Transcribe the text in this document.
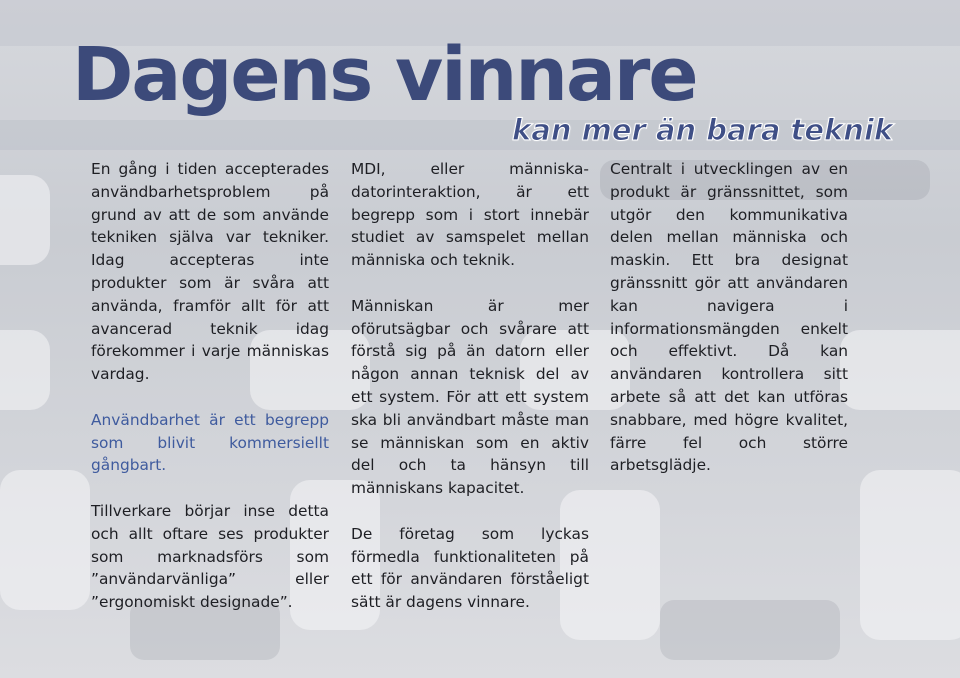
Dagens vinnare
kan mer än bara teknik

En gång i tiden accepterades användbarhetsproblem på grund av att de som använde tekniken själva var tekniker. Idag accepteras inte produkter som är svåra att använda, framför allt för att avancerad teknik idag förekommer i varje människas vardag.

Användbarhet är ett begrepp som blivit kommersiellt gångbart.

Tillverkare börjar inse detta och allt oftare ses produkter som marknadsförs som ”användarvänliga” eller ”ergonomiskt designade”.

MDI, eller människa-datorinteraktion, är ett begrepp som i stort innebär studiet av samspelet mellan människa och teknik.

Människan är mer oförutsägbar och svårare att förstå sig på än datorn eller någon annan teknisk del av ett system. För att ett system ska bli användbart måste man se människan som en aktiv del och ta hänsyn till människans kapacitet.

De företag som lyckas förmedla funktionaliteten på ett för användaren förståeligt sätt är dagens vinnare.

Centralt i utvecklingen av en produkt är gränssnittet, som utgör den kommunikativa delen mellan människa och maskin. Ett bra designat gränssnitt gör att användaren kan navigera i informationsmängden enkelt och effektivt. Då kan användaren kontrollera sitt arbete så att det kan utföras snabbare, med högre kvalitet, färre fel och större arbetsglädje.
